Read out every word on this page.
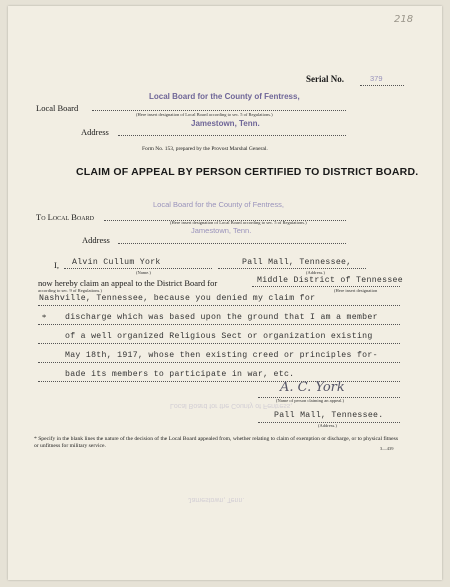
218
Serial No.	379
Local Board
Local Board for the County of Fentress,
(Here insert designation of Local Board according to sec. 5 of Regulations.)
Address
Jamestown, Tenn.
Form No. 153, prepared by the Provost Marshal General.
CLAIM OF APPEAL BY PERSON CERTIFIED TO DISTRICT BOARD.
Local Board for the County of Fentress,
To Local Board
(Here insert designation of Local Board according to sec. 5 of Regulations.)
Jamestown, Tenn.
Address
I, Alvin Cullum York
(Name.)
Pall Mall, Tennessee,
(Address.)
now hereby claim an appeal to the District Board for	Middle District of Tennessee
(Here insert designation
according to sec. 9 of Regulations.)
Nashville, Tennessee, because you denied my claim for
* discharge which was based upon the ground that I am a member
of a well organized Religious Sect or organization existing
May 18th, 1917, whose then existing creed or principles for-
bade its members to participate in war, etc.
A. C. York
(Name of person claiming an appeal.)
Local Board for the County of Fentress,
Pall Mall, Tennessee.
(Address.)
* Specify in the blank lines the nature of the decision of the Local Board appealed from, whether relating to claim of exemption or discharge, or to physical fitness or unfitness for military service.	3—439
Jamestown, Tenn.
